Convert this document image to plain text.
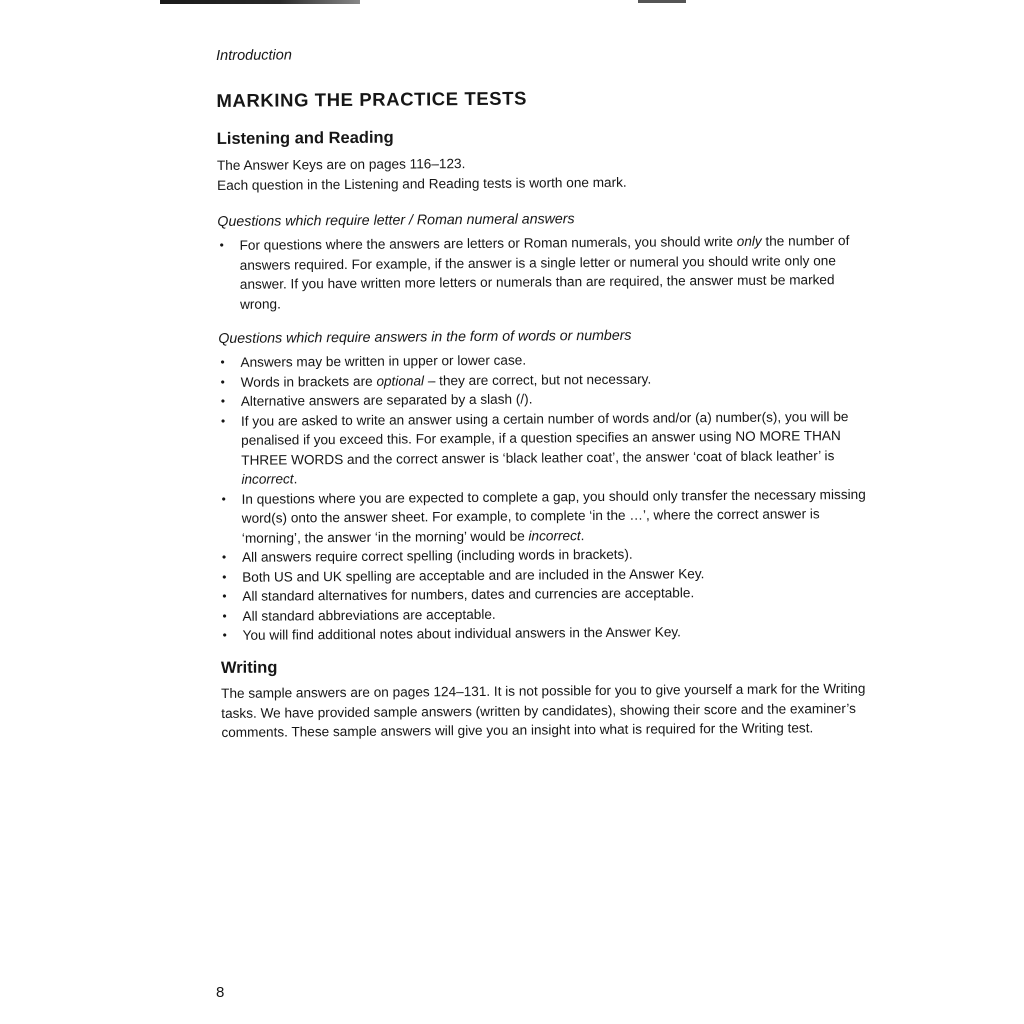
Introduction

MARKING THE PRACTICE TESTS
Listening and Reading

The Answer Keys are on pages 116–123.

Each question in the Listening and Reading tests is worth one mark.

Questions which require letter / Roman numeral answers

• For questions where the answers are letters or Roman numerals, you should write only the number of answers required. For example, if the answer is a single letter or numeral you should write only one answer. If you have written more letters or numerals than are required, the answer must be marked wrong.

Questions which require answers in the form of words or numbers

• Answers may be written in upper or lower case.
• Words in brackets are optional – they are correct, but not necessary.
• Alternative answers are separated by a slash (/).
• If you are asked to write an answer using a certain number of words and/or (a) number(s), you will be penalised if you exceed this. For example, if a question specifies an answer using NO MORE THAN THREE WORDS and the correct answer is ‘black leather coat’, the answer ‘coat of black leather’ is incorrect.
• In questions where you are expected to complete a gap, you should only transfer the necessary missing word(s) onto the answer sheet. For example, to complete ‘in the …’, where the correct answer is ‘morning’, the answer ‘in the morning’ would be incorrect.
• All answers require correct spelling (including words in brackets).
• Both US and UK spelling are acceptable and are included in the Answer Key.
• All standard alternatives for numbers, dates and currencies are acceptable.
• All standard abbreviations are acceptable.
• You will find additional notes about individual answers in the Answer Key.
Writing

The sample answers are on pages 124–131. It is not possible for you to give yourself a mark for the Writing tasks. We have provided sample answers (written by candidates), showing their score and the examiner’s comments. These sample answers will give you an insight into what is required for the Writing test.

8
